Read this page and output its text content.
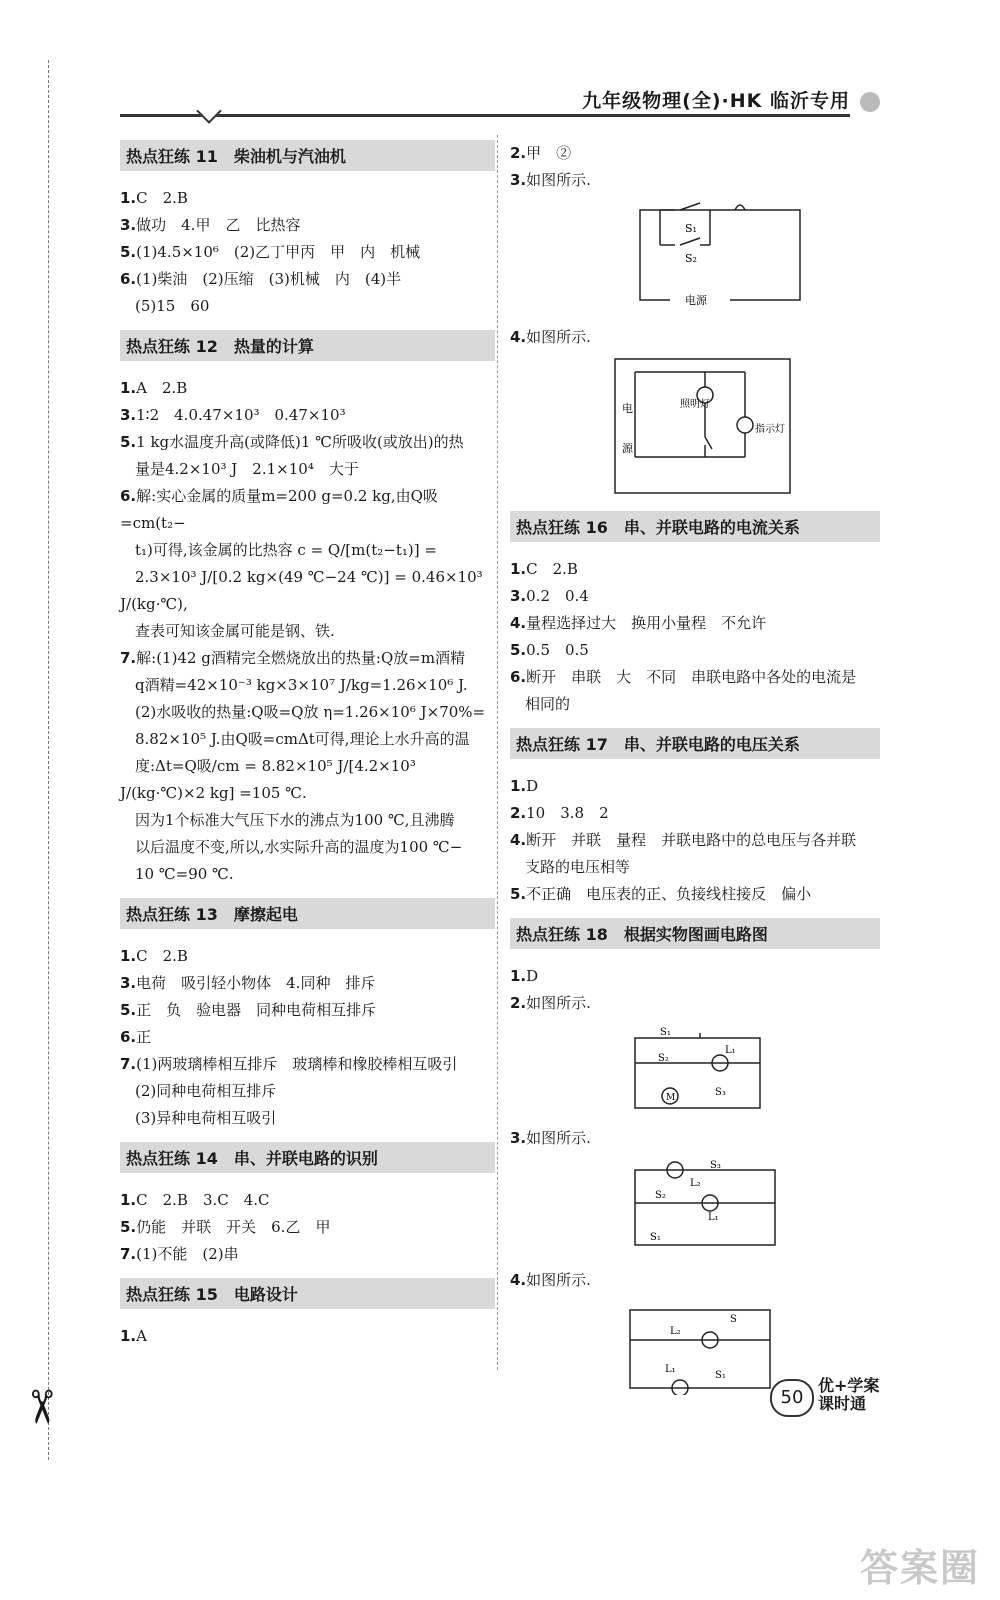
✂
九年级物理(全)·HK 临沂专用
热点狂练 11　柴油机与汽油机
1.C　2.B
3.做功　4.甲　乙　比热容
5.(1)4.5×10⁶　(2)乙丁甲丙　甲　内　机械
6.(1)柴油　(2)压缩　(3)机械　内　(4)半
　(5)15　60
热点狂练 12　热量的计算
1.A　2.B
3.1∶2　4.0.47×10³　0.47×10³
5.1 kg水温度升高(或降低)1 ℃所吸收(或放出)的热
　量是4.2×10³ J　2.1×10⁴　大于
6.解:实心金属的质量m=200 g=0.2 kg,由Q吸=cm(t₂−
　t₁)可得,该金属的比热容 c = Q/[m(t₂−t₁)] =
　2.3×10³ J/[0.2 kg×(49 ℃−24 ℃)] = 0.46×10³ J/(kg·℃),
　查表可知该金属可能是钢、铁.
7.解:(1)42 g酒精完全燃烧放出的热量:Q放=m酒精
　q酒精=42×10⁻³ kg×3×10⁷ J/kg=1.26×10⁶ J.
　(2)水吸收的热量:Q吸=Q放 η=1.26×10⁶ J×70%=
　8.82×10⁵ J.由Q吸=cmΔt可得,理论上水升高的温
　度:Δt=Q吸/cm = 8.82×10⁵ J/[4.2×10³ J/(kg·℃)×2 kg] =105 ℃.
　因为1个标准大气压下水的沸点为100 ℃,且沸腾
　以后温度不变,所以,水实际升高的温度为100 ℃−
　10 ℃=90 ℃.
热点狂练 13　摩擦起电
1.C　2.B
3.电荷　吸引轻小物体　4.同种　排斥
5.正　负　验电器　同种电荷相互排斥
6.正
7.(1)两玻璃棒相互排斥　玻璃棒和橡胶棒相互吸引
　(2)同种电荷相互排斥
　(3)异种电荷相互吸引
热点狂练 14　串、并联电路的识别
1.C　2.B　3.C　4.C
5.仍能　并联　开关　6.乙　甲
7.(1)不能　(2)串
热点狂练 15　电路设计
1.A
2.甲　②
3.如图所示.
S₁
S₂
电源
4.如图所示.
电
源
照明灯
指示灯
热点狂练 16　串、并联电路的电流关系
1.C　2.B
3.0.2　0.4
4.量程选择过大　换用小量程　不允许
5.0.5　0.5
6.断开　串联　大　不同　串联电路中各处的电流是
　相同的
热点狂练 17　串、并联电路的电压关系
1.D
2.10　3.8　2
4.断开　并联　量程　并联电路中的总电压与各并联
　支路的电压相等
5.不正确　电压表的正、负接线柱接反　偏小
热点狂练 18　根据实物图画电路图
1.D
2.如图所示.
S₁
S₂
S₃
L₁
M
3.如图所示.
S₃
S₂
S₁
L₂
L₁
4.如图所示.
S
S₁
L₂
L₁
50
优+学案
课时通
答案圈
